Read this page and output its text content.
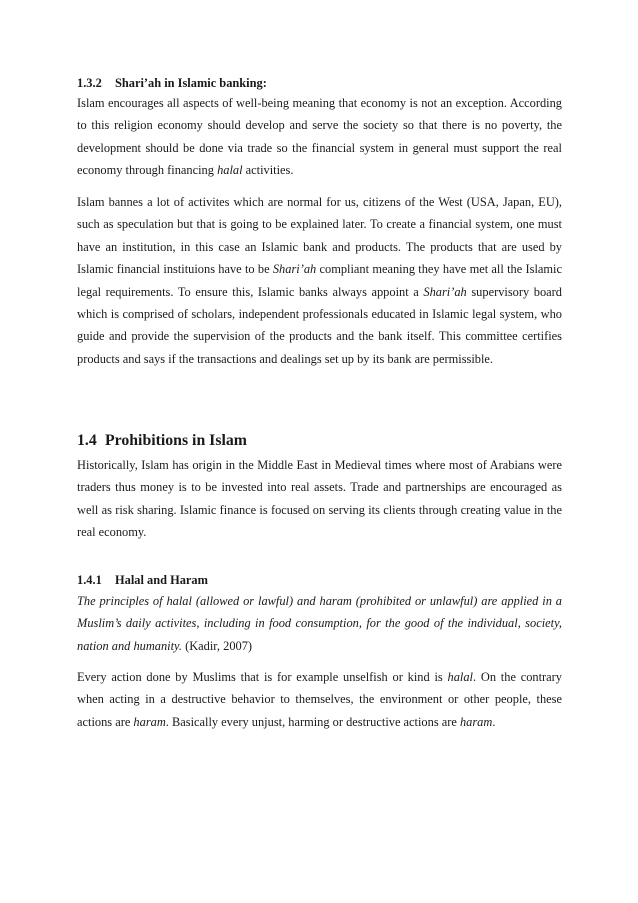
1.3.2 Shari’ah in Islamic banking:

Islam encourages all aspects of well-being meaning that economy is not an exception. According to this religion economy should develop and serve the society so that there is no poverty, the development should be done via trade so the financial system in general must support the real economy through financing halal activities.

Islam bannes a lot of activites which are normal for us, citizens of the West (USA, Japan, EU), such as speculation but that is going to be explained later. To create a financial system, one must have an institution, in this case an Islamic bank and products. The products that are used by Islamic financial instituions have to be Shari’ah compliant meaning they have met all the Islamic legal requirements. To ensure this, Islamic banks always appoint a Shari’ah supervisory board which is comprised of scholars, independent professionals educated in Islamic legal system, who guide and provide the supervision of the products and the bank itself. This committee certifies products and says if the transactions and dealings set up by its bank are permissible.

1.4 Prohibitions in Islam

Historically, Islam has origin in the Middle East in Medieval times where most of Arabians were traders thus money is to be invested into real assets. Trade and partnerships are encouraged as well as risk sharing. Islamic finance is focused on serving its clients through creating value in the real economy.

1.4.1 Halal and Haram

The principles of halal (allowed or lawful) and haram (prohibited or unlawful) are applied in a Muslim’s daily activites, including in food consumption, for the good of the individual, society, nation and humanity. (Kadir, 2007)

Every action done by Muslims that is for example unselfish or kind is halal. On the contrary when acting in a destructive behavior to themselves, the environment or other people, these actions are haram. Basically every unjust, harming or destructive actions are haram.
